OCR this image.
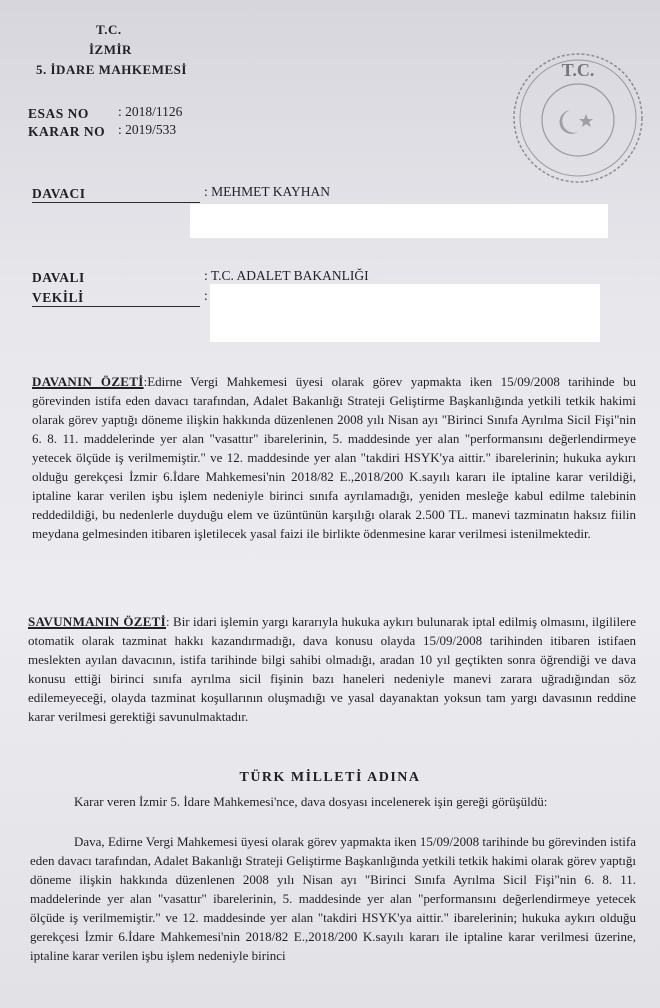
T.C.
İZMİR
5. İDARE MAHKEMESİ
ESAS NO : 2018/1126
KARAR NO : 2019/533
T.C.
DAVACI	: MEHMET KAYHAN
DAVALI	: T.C. ADALET BAKANLIĞI
VEKİLİ	:
DAVANIN ÖZETİ:Edirne Vergi Mahkemesi üyesi olarak görev yapmakta iken 15/09/2008 tarihinde bu görevinden istifa eden davacı tarafından, Adalet Bakanlığı Strateji Geliştirme Başkanlığında yetkili tetkik hakimi olarak görev yaptığı döneme ilişkin hakkında düzenlenen 2008 yılı Nisan ayı "Birinci Sınıfa Ayrılma Sicil Fişi"nin 6. 8. 11. maddelerinde yer alan "vasattır" ibarelerinin, 5. maddesinde yer alan "performansını değerlendirmeye yetecek ölçüde iş verilmemiştir." ve 12. maddesinde yer alan "takdiri HSYK'ya aittir." ibarelerinin; hukuka aykırı olduğu gerekçesi İzmir 6.İdare Mahkemesi'nin 2018/82 E.,2018/200 K.sayılı kararı ile iptaline karar verildiği, iptaline karar verilen işbu işlem nedeniyle birinci sınıfa ayrılamadığı, yeniden mesleğe kabul edilme talebinin reddedildiği, bu nedenlerle duyduğu elem ve üzüntünün karşılığı olarak 2.500 TL. manevi tazminatın haksız fiilin meydana gelmesinden itibaren işletilecek yasal faizi ile birlikte ödenmesine karar verilmesi istenilmektedir.
SAVUNMANIN ÖZETİ: Bir idari işlemin yargı kararıyla hukuka aykırı bulunarak iptal edilmiş olmasını, ilgililere otomatik olarak tazminat hakkı kazandırmadığı, dava konusu olayda 15/09/2008 tarihinden itibaren istifaen meslekten ayılan davacının, istifa tarihinde bilgi sahibi olmadığı, aradan 10 yıl geçtikten sonra öğrendiği ve dava konusu ettiği birinci sınıfa ayrılma sicil fişinin bazı haneleri nedeniyle manevi zarara uğradığından söz edilemeyeceği, olayda tazminat koşullarının oluşmadığı ve yasal dayanaktan yoksun tam yargı davasının reddine karar verilmesi gerektiği savunulmaktadır.
TÜRK MİLLETİ ADINA
Karar veren İzmir 5. İdare Mahkemesi'nce, dava dosyası incelenerek işin gereği görüşüldü:
Dava, Edirne Vergi Mahkemesi üyesi olarak görev yapmakta iken 15/09/2008 tarihinde bu görevinden istifa eden davacı tarafından, Adalet Bakanlığı Strateji Geliştirme Başkanlığında yetkili tetkik hakimi olarak görev yaptığı döneme ilişkin hakkında düzenlenen 2008 yılı Nisan ayı "Birinci Sınıfa Ayrılma Sicil Fişi"nin 6. 8. 11. maddelerinde yer alan "vasattır" ibarelerinin, 5. maddesinde yer alan "performansını değerlendirmeye yetecek ölçüde iş verilmemiştir." ve 12. maddesinde yer alan "takdiri HSYK'ya aittir." ibarelerinin; hukuka aykırı olduğu gerekçesi İzmir 6.İdare Mahkemesi'nin 2018/82 E.,2018/200 K.sayılı kararı ile iptaline karar verilmesi üzerine, iptaline karar verilen işbu işlem nedeniyle birinci
